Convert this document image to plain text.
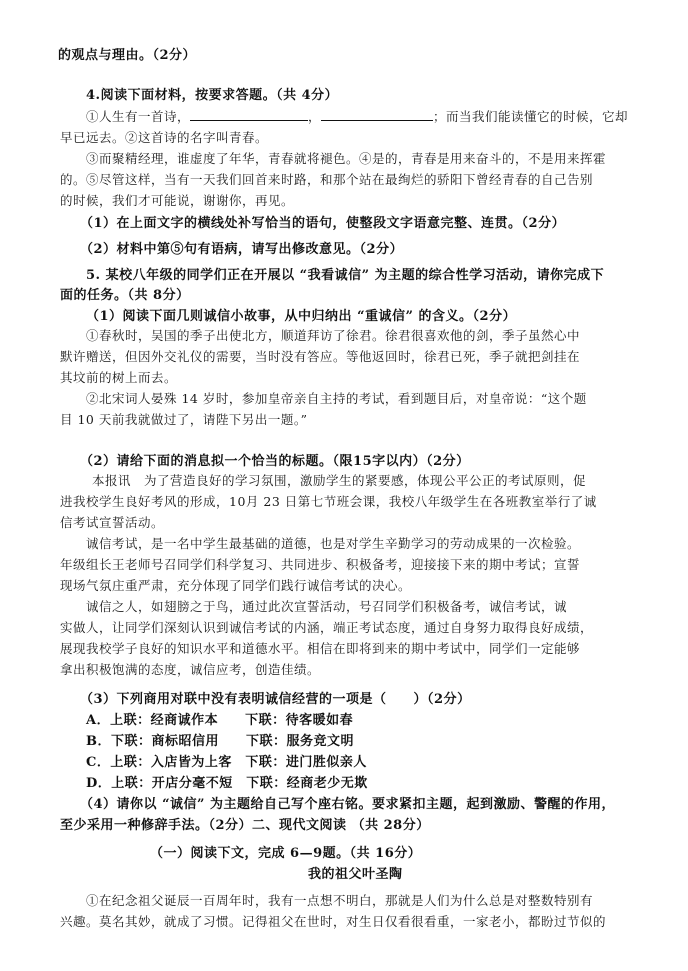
的观点与理由。（2分）
4.阅读下面材料，按要求答题。（共 4分）
①人生有一首诗，	，	；而当我们能读懂它的时候，它却
早已远去。②这首诗的名字叫青春。
③而聚精经理，谁虚度了年华，青春就将褪色。④是的，青春是用来奋斗的，不是用来挥霍
的。⑤尽管这样，当有一天我们回首来时路，和那个站在最绚烂的骄阳下曾经青春的自己告别
的时候，我们才可能说，谢谢你，再见。
（1）在上面文字的横线处补写恰当的语句，使整段文字语意完整、连贯。（2分）
（2）材料中第⑤句有语病，请写出修改意见。（2分）
5. 某校八年级的同学们正在开展以 “我看诚信” 为主题的综合性学习活动，请你完成下
面的任务。（共 8分）
（1）阅读下面几则诚信小故事，从中归纳出 “重诚信” 的含义。（2分）
①春秋时，吴国的季子出使北方，顺道拜访了徐君。徐君很喜欢他的剑，季子虽然心中
默许赠送，但因外交礼仪的需要，当时没有答应。等他返回时，徐君已死，季子就把剑挂在
其坟前的树上而去。
②北宋词人晏殊 14 岁时，参加皇帝亲自主持的考试，看到题目后，对皇帝说：“这个题
目 10 天前我就做过了，请陛下另出一题。”
（2）请给下面的消息拟一个恰当的标题。（限15字以内）（2分）
本报讯　为了营造良好的学习氛围，激励学生的紧要感，体现公平公正的考试原则，促
进我校学生良好考风的形成，10月 23 日第七节班会课，我校八年级学生在各班教室举行了诚
信考试宣誓活动。
诚信考试，是一名中学生最基础的道德，也是对学生辛勤学习的劳动成果的一次检验。
年级组长王老师号召同学们科学复习、共同进步、积极备考，迎接接下来的期中考试；宣誓
现场气氛庄重严肃，充分体现了同学们践行诚信考试的决心。
诚信之人，如翅膀之于鸟，通过此次宣誓活动，号召同学们积极备考，诚信考试，诚
实做人，让同学们深刻认识到诚信考试的内涵，端正考试态度，通过自身努力取得良好成绩，
展现我校学子良好的知识水平和道德水平。相信在即将到来的期中考试中，同学们一定能够
拿出积极饱满的态度，诚信应考，创造佳绩。
（3）下列商用对联中没有表明诚信经营的一项是（　　）（2分）
A．上联：经商诚作本　　下联：待客暖如春
B．下联：商标昭信用　　下联：服务竞文明
C．上联：入店皆为上客　下联：进门胜似亲人
D．上联：开店分毫不短　下联：经商老少无欺
（4）请你以 “诚信” 为主题给自己写个座右铭。要求紧扣主题，起到激励、警醒的作用，
至少采用一种修辞手法。（2分）二、现代文阅读 （共 28分）
（一）阅读下文，完成 6—9题。（共 16分）
我的祖父叶圣陶
①在纪念祖父诞辰一百周年时，我有一点想不明白，那就是人们为什么总是对整数特别有
兴趣。莫名其妙，就成了习惯。记得祖父在世时，对生日仅看很看重，一家老小，都盼过节似的
